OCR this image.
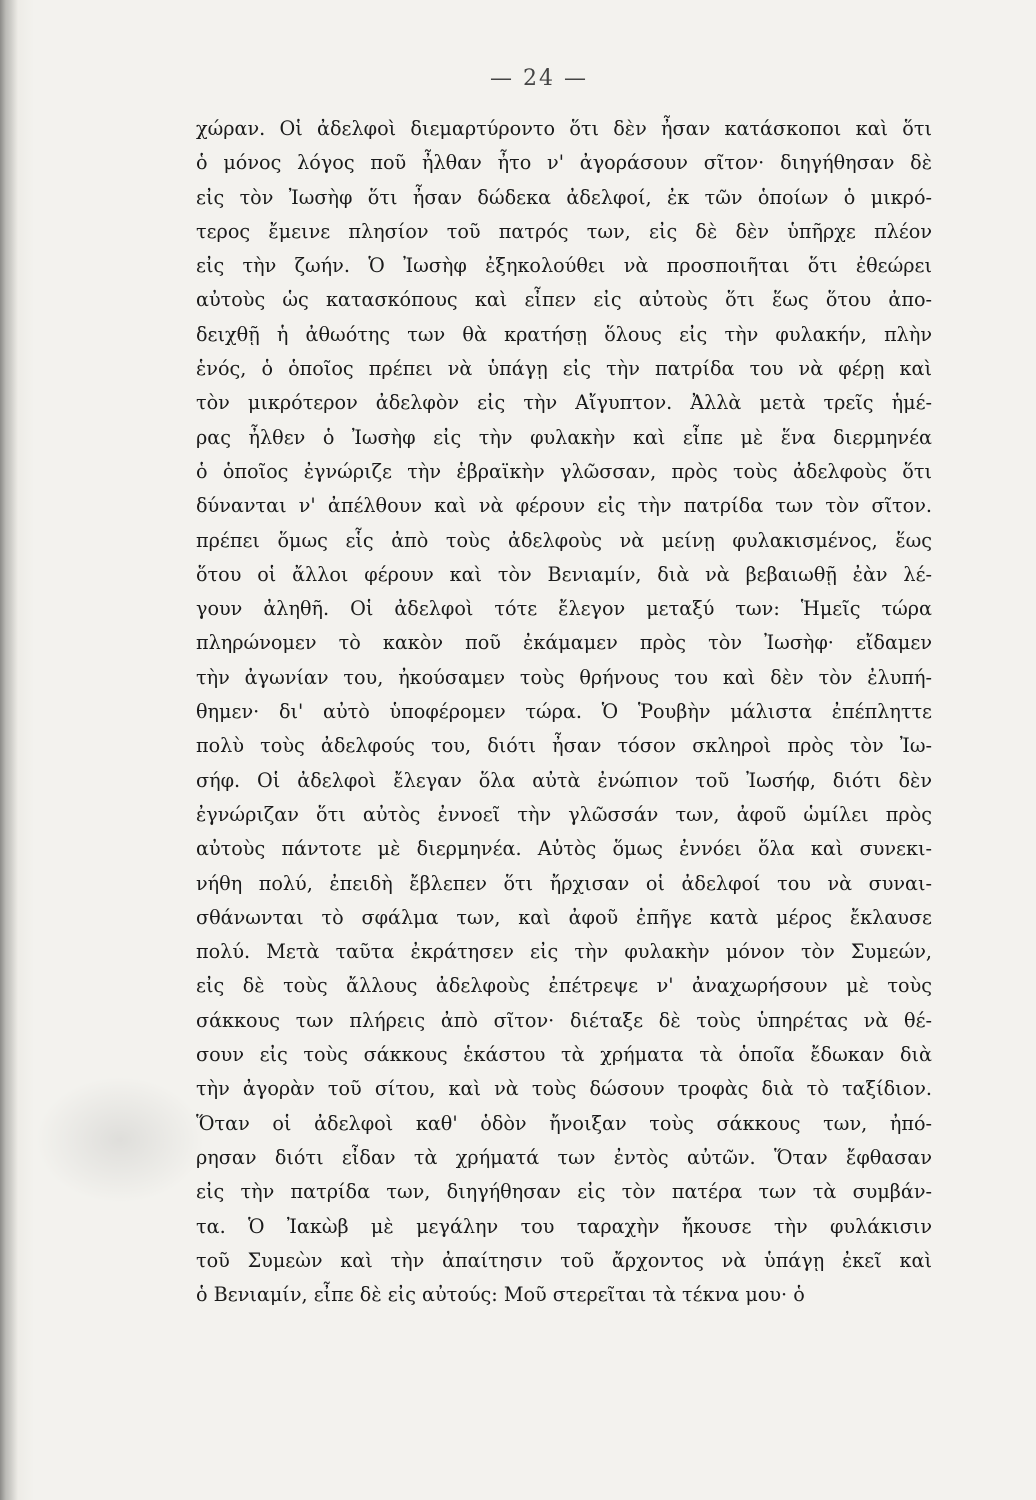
— 24 —
χώραν. Οἱ ἀδελφοὶ διεμαρτύροντο ὅτι δὲν ἦσαν κατάσκοποι καὶ ὅτι
ὁ μόνος λόγος ποῦ ἦλθαν ἦτο ν' ἀγοράσουν σῖτον· διηγήθησαν δὲ
εἰς τὸν Ἰωσὴφ ὅτι ἦσαν δώδεκα ἀδελφοί, ἐκ τῶν ὁποίων ὁ μικρό-
τερος ἔμεινε πλησίον τοῦ πατρός των, εἰς δὲ δὲν ὑπῆρχε πλέον
εἰς τὴν ζωήν. Ὁ Ἰωσὴφ ἐξηκολούθει νὰ προσποιῆται ὅτι ἐθεώρει
αὐτοὺς ὡς κατασκόπους καὶ εἶπεν εἰς αὐτοὺς ὅτι ἕως ὅτου ἀπο-
δειχθῇ ἡ ἀθωότης των θὰ κρατήσῃ ὅλους εἰς τὴν φυλακήν, πλὴν
ἑνός, ὁ ὁποῖος πρέπει νὰ ὑπάγῃ εἰς τὴν πατρίδα του νὰ φέρῃ καὶ
τὸν μικρότερον ἀδελφὸν εἰς τὴν Αἴγυπτον. Ἀλλὰ μετὰ τρεῖς ἡμέ-
ρας ἦλθεν ὁ Ἰωσὴφ εἰς τὴν φυλακὴν καὶ εἶπε μὲ ἕνα διερμηνέα
ὁ ὁποῖος ἐγνώριζε τὴν ἑβραϊκὴν γλῶσσαν, πρὸς τοὺς ἀδελφοὺς ὅτι
δύνανται ν' ἀπέλθουν καὶ νὰ φέρουν εἰς τὴν πατρίδα των τὸν σῖτον.
πρέπει ὅμως εἷς ἀπὸ τοὺς ἀδελφοὺς νὰ μείνῃ φυλακισμένος, ἕως
ὅτου οἱ ἄλλοι φέρουν καὶ τὸν Βενιαμίν, διὰ νὰ βεβαιωθῇ ἐὰν λέ-
γουν ἀληθῆ. Οἱ ἀδελφοὶ τότε ἔλεγον μεταξύ των: Ἡμεῖς τώρα
πληρώνομεν τὸ κακὸν ποῦ ἐκάμαμεν πρὸς τὸν Ἰωσὴφ· εἴδαμεν
τὴν ἀγωνίαν του, ἠκούσαμεν τοὺς θρήνους του καὶ δὲν τὸν ἐλυπή-
θημεν· δι' αὐτὸ ὑποφέρομεν τώρα. Ὁ Ῥουβὴν μάλιστα ἐπέπληττε
πολὺ τοὺς ἀδελφούς του, διότι ἦσαν τόσον σκληροὶ πρὸς τὸν Ἰω-
σήφ. Οἱ ἀδελφοὶ ἔλεγαν ὅλα αὐτὰ ἐνώπιον τοῦ Ἰωσήφ, διότι δὲν
ἐγνώριζαν ὅτι αὐτὸς ἐννοεῖ τὴν γλῶσσάν των, ἀφοῦ ὡμίλει πρὸς
αὐτοὺς πάντοτε μὲ διερμηνέα. Αὐτὸς ὅμως ἐννόει ὅλα καὶ συνεκι-
νήθη πολύ, ἐπειδὴ ἔβλεπεν ὅτι ἤρχισαν οἱ ἀδελφοί του νὰ συναι-
σθάνωνται τὸ σφάλμα των, καὶ ἀφοῦ ἐπῆγε κατὰ μέρος ἔκλαυσε
πολύ. Μετὰ ταῦτα ἐκράτησεν εἰς τὴν φυλακὴν μόνον τὸν Συμεών,
εἰς δὲ τοὺς ἄλλους ἀδελφοὺς ἐπέτρεψε ν' ἀναχωρήσουν μὲ τοὺς
σάκκους των πλήρεις ἀπὸ σῖτον· διέταξε δὲ τοὺς ὑπηρέτας νὰ θέ-
σουν εἰς τοὺς σάκκους ἑκάστου τὰ χρήματα τὰ ὁποῖα ἔδωκαν διὰ
τὴν ἀγορὰν τοῦ σίτου, καὶ νὰ τοὺς δώσουν τροφὰς διὰ τὸ ταξίδιον.
Ὅταν οἱ ἀδελφοὶ καθ' ὁδὸν ἤνοιξαν τοὺς σάκκους των, ἠπό-
ρησαν διότι εἶδαν τὰ χρήματά των ἐντὸς αὐτῶν. Ὅταν ἔφθασαν
εἰς τὴν πατρίδα των, διηγήθησαν εἰς τὸν πατέρα των τὰ συμβάν-
τα. Ὁ Ἰακὼβ μὲ μεγάλην του ταραχὴν ἤκουσε τὴν φυλάκισιν
τοῦ Συμεὼν καὶ τὴν ἀπαίτησιν τοῦ ἄρχοντος νὰ ὑπάγῃ ἐκεῖ καὶ
ὁ Βενιαμίν, εἶπε δὲ εἰς αὐτούς: Μοῦ στερεῖται τὰ τέκνα μου· ὁ
